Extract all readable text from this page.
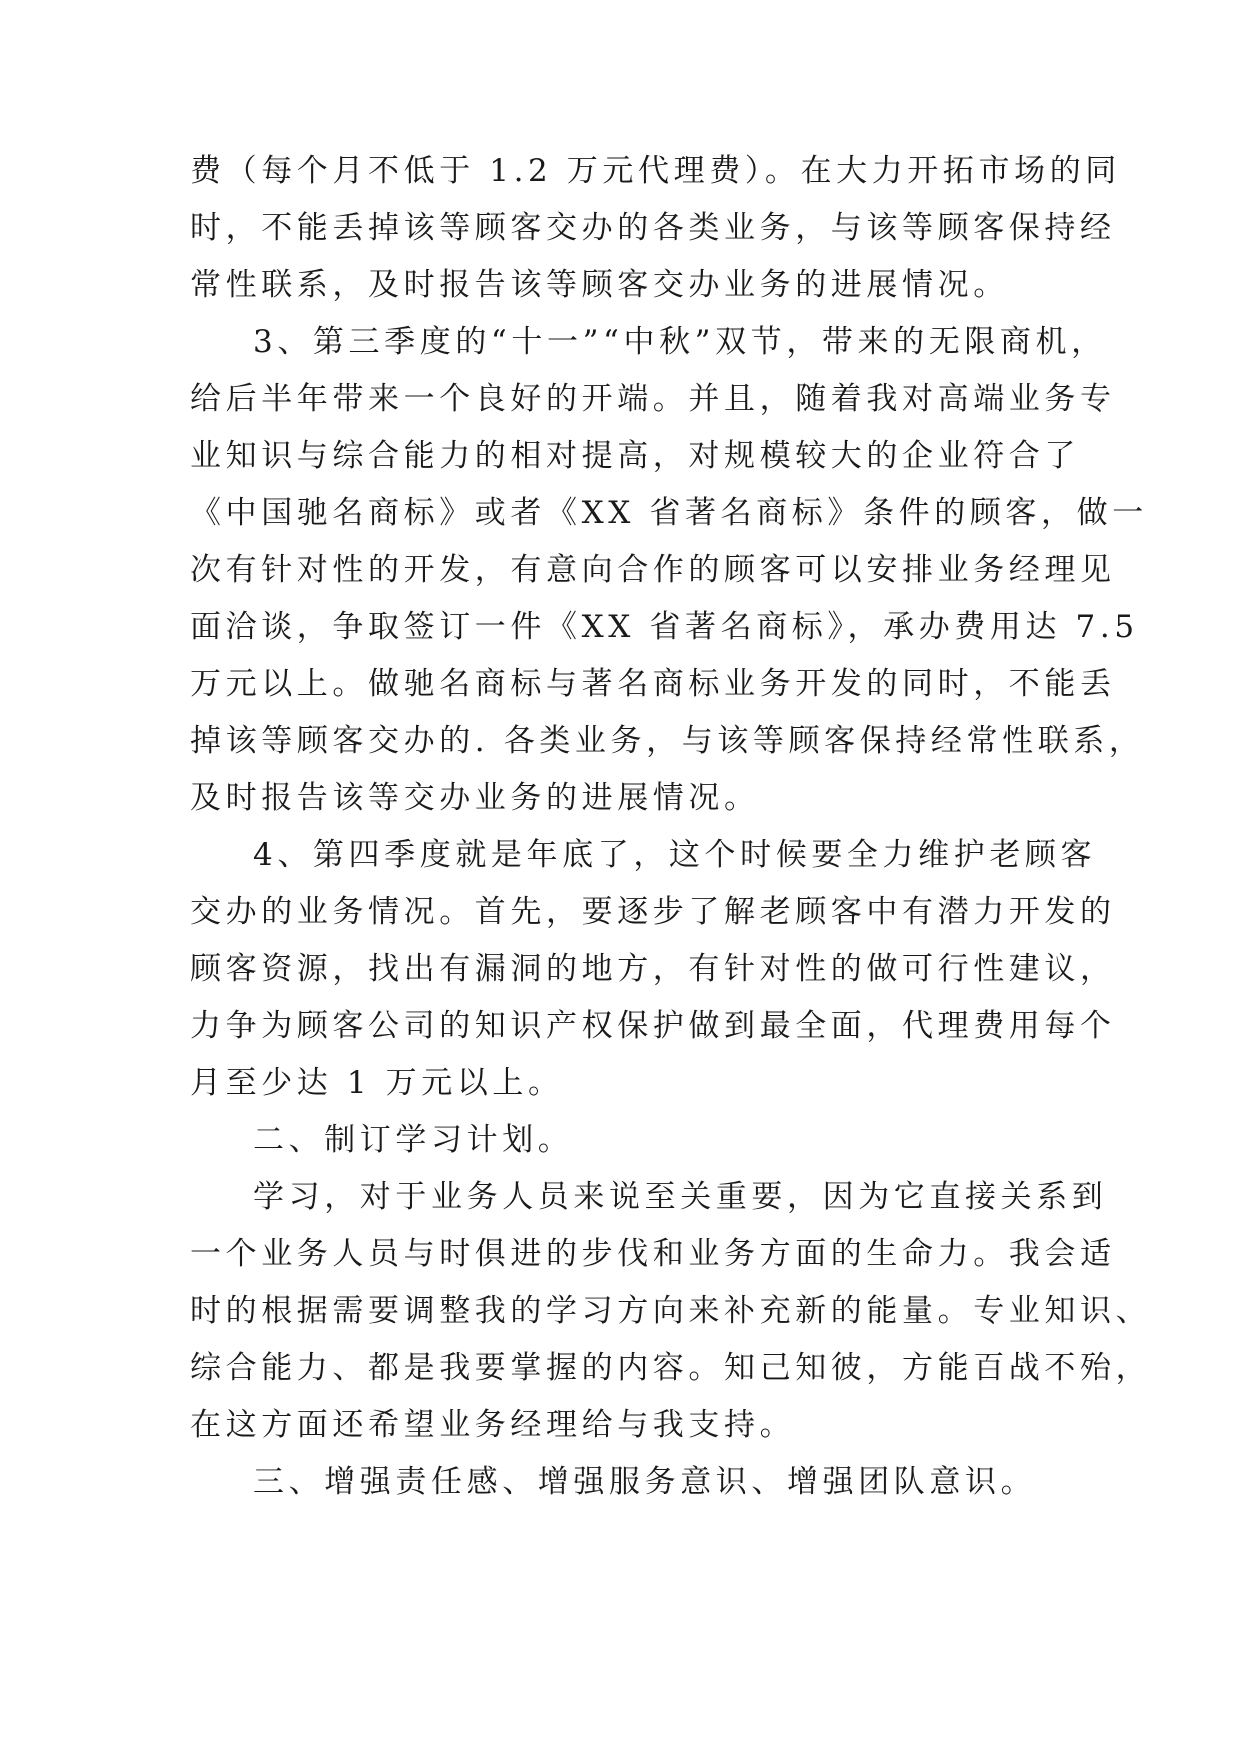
费（每个月不低于 1.2 万元代理费）。在大力开拓市场的同
时，不能丢掉该等顾客交办的各类业务，与该等顾客保持经
常性联系，及时报告该等顾客交办业务的进展情况。
3、第三季度的“十一”“中秋”双节，带来的无限商机，
给后半年带来一个良好的开端。并且，随着我对高端业务专
业知识与综合能力的相对提高，对规模较大的企业符合了
《中国驰名商标》或者《XX 省著名商标》条件的顾客，做一
次有针对性的开发，有意向合作的顾客可以安排业务经理见
面洽谈，争取签订一件《XX 省著名商标》，承办费用达 7.5
万元以上。做驰名商标与著名商标业务开发的同时，不能丢
掉该等顾客交办的. 各类业务，与该等顾客保持经常性联系，
及时报告该等交办业务的进展情况。
4、第四季度就是年底了，这个时候要全力维护老顾客
交办的业务情况。首先，要逐步了解老顾客中有潜力开发的
顾客资源，找出有漏洞的地方，有针对性的做可行性建议，
力争为顾客公司的知识产权保护做到最全面，代理费用每个
月至少达 1 万元以上。
二、制订学习计划。
学习，对于业务人员来说至关重要，因为它直接关系到
一个业务人员与时俱进的步伐和业务方面的生命力。我会适
时的根据需要调整我的学习方向来补充新的能量。专业知识、
综合能力、都是我要掌握的内容。知己知彼，方能百战不殆，
在这方面还希望业务经理给与我支持。
三、增强责任感、增强服务意识、增强团队意识。
